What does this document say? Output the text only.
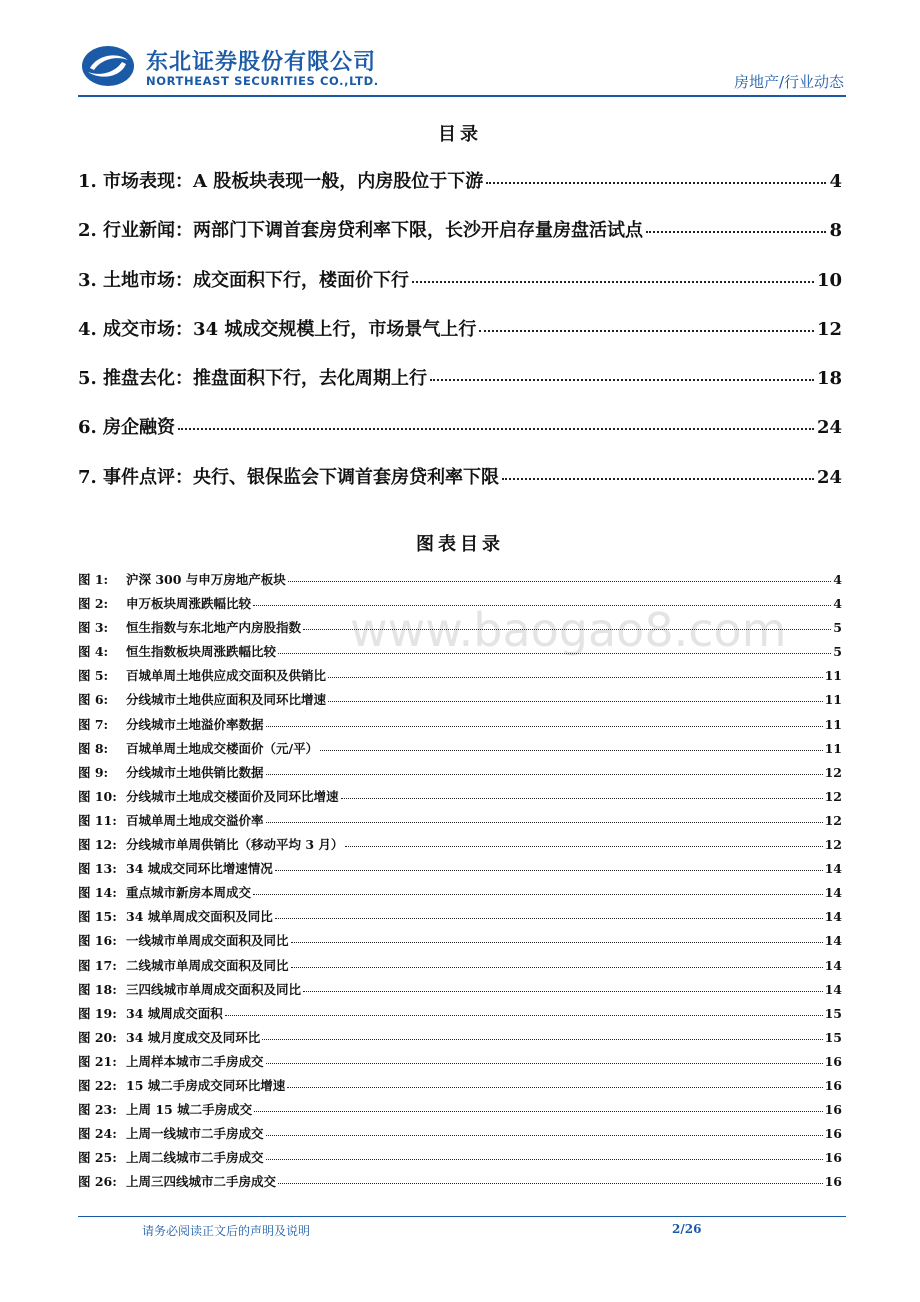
东北证券股份有限公司
NORTHEAST SECURITIES CO.,LTD.	房地产/行业动态
www.baogao8.com
目录
1. 市场表现：A 股板块表现一般，内房股位于下游	4
2. 行业新闻：两部门下调首套房贷利率下限，长沙开启存量房盘活试点	8
3. 土地市场：成交面积下行，楼面价下行	10
4. 成交市场：34 城成交规模上行，市场景气上行	12
5. 推盘去化：推盘面积下行，去化周期上行	18
6. 房企融资	24
7. 事件点评：央行、银保监会下调首套房贷利率下限	24
图表目录
图 1:	沪深 300 与申万房地产板块	4
图 2:	申万板块周涨跌幅比较	4
图 3:	恒生指数与东北地产内房股指数	5
图 4:	恒生指数板块周涨跌幅比较	5
图 5:	百城单周土地供应成交面积及供销比	11
图 6:	分线城市土地供应面积及同环比增速	11
图 7:	分线城市土地溢价率数据	11
图 8:	百城单周土地成交楼面价（元/平）	11
图 9:	分线城市土地供销比数据	12
图 10: 分线城市土地成交楼面价及同环比增速	12
图 11: 百城单周土地成交溢价率	12
图 12: 分线城市单周供销比（移动平均 3 月）	12
图 13: 34 城成交同环比增速情况	14
图 14: 重点城市新房本周成交	14
图 15: 34 城单周成交面积及同比	14
图 16: 一线城市单周成交面积及同比	14
图 17: 二线城市单周成交面积及同比	14
图 18: 三四线城市单周成交面积及同比	14
图 19: 34 城周成交面积	15
图 20: 34 城月度成交及同环比	15
图 21: 上周样本城市二手房成交	16
图 22: 15 城二手房成交同环比增速	16
图 23: 上周 15 城二手房成交	16
图 24: 上周一线城市二手房成交	16
图 25: 上周二线城市二手房成交	16
图 26: 上周三四线城市二手房成交	16
请务必阅读正文后的声明及说明	2/26
